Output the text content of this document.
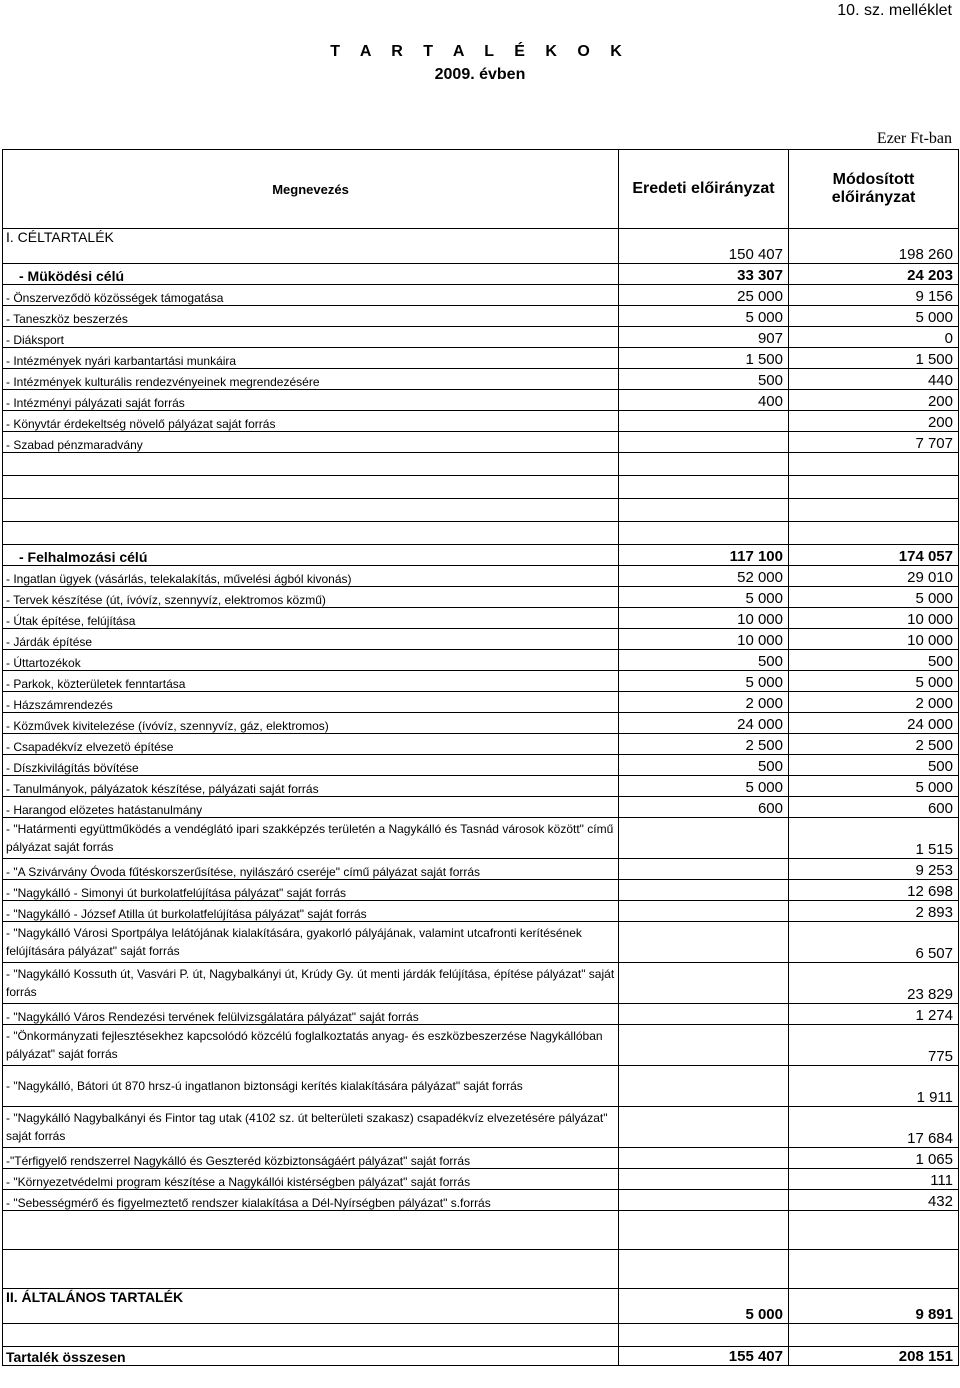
10. sz. melléklet
T A R T A L É K O K
2009. évben
Ezer Ft-ban
Megnevezés	Eredeti előirányzat	Módosított előirányzat
I. CÉLTARTALÉK	150 407	198 260
- Müködési célú	33 307	24 203
- Önszerveződö közösségek támogatása	25 000	9 156
- Taneszköz beszerzés	5 000	5 000
- Diáksport	907	0
- Intézmények nyári karbantartási munkáira	1 500	1 500
- Intézmények kulturális rendezvényeinek megrendezésére	500	440
- Intézményi pályázati saját forrás	400	200
- Könyvtár érdekeltség növelő pályázat saját forrás		200
- Szabad pénzmaradvány		7 707

- Felhalmozási célú	117 100	174 057
- Ingatlan ügyek (vásárlás, telekalakítás, művelési ágból kivonás)	52 000	29 010
- Tervek készítése (út, ívóvíz, szennyvíz, elektromos közmű)	5 000	5 000
- Útak építése, felújítása	10 000	10 000
- Járdák építése	10 000	10 000
- Úttartozékok	500	500
- Parkok, közterületek fenntartása	5 000	5 000
- Házszámrendezés	2 000	2 000
- Közművek kivitelezése (ívóvíz, szennyvíz, gáz, elektromos)	24 000	24 000
- Csapadékvíz elvezetö építése	2 500	2 500
- Díszkivilágítás bövítése	500	500
- Tanulmányok, pályázatok készítése, pályázati saját forrás	5 000	5 000
- Harangod elözetes hatástanulmány	600	600
- "Határmenti együttműködés a vendéglátó ipari szakképzés területén a Nagykálló és Tasnád városok között" című pályázat saját forrás		1 515
- "A Szivárvány Óvoda fűtéskorszerűsítése, nyilászáró cseréje" című pályázat saját forrás		9 253
- "Nagykálló - Simonyi út burkolatfelújítása pályázat" saját forrás		12 698
- "Nagykálló - József Atilla út burkolatfelújítása pályázat" saját forrás		2 893
- "Nagykálló Városi Sportpálya lelátójának kialakítására, gyakorló pályájának, valamint utcafronti kerítésének felújítására pályázat" saját forrás		6 507
- "Nagykálló Kossuth út, Vasvári P. út, Nagybalkányi út, Krúdy Gy. út menti járdák felújítása, építése pályázat" saját forrás		23 829
- "Nagykálló Város Rendezési tervének felülvizsgálatára pályázat" saját forrás		1 274
- "Önkormányzati fejlesztésekhez kapcsolódó közcélú foglalkoztatás anyag- és eszközbeszerzése Nagykállóban pályázat" saját forrás		775
- "Nagykálló, Bátori út 870 hrsz-ú ingatlanon biztonsági kerítés kialakítására pályázat" saját forrás		1 911
- "Nagykálló Nagybalkányi és Fintor tag utak (4102 sz. út belterületi szakasz) csapadékvíz elvezetésére pályázat" saját forrás		17 684
-"Térfigyelő rendszerrel Nagykálló és Geszteréd közbiztonságáért pályázat" saját forrás		1 065
- "Környezetvédelmi program készítése a Nagykállói kistérségben pályázat" saját forrás		111
- "Sebességmérő és figyelmeztető rendszer kialakítása a Dél-Nyírségben pályázat" s.forrás		432

II. ÁLTALÁNOS TARTALÉK	5 000	9 891

Tartalék összesen	155 407	208 151
